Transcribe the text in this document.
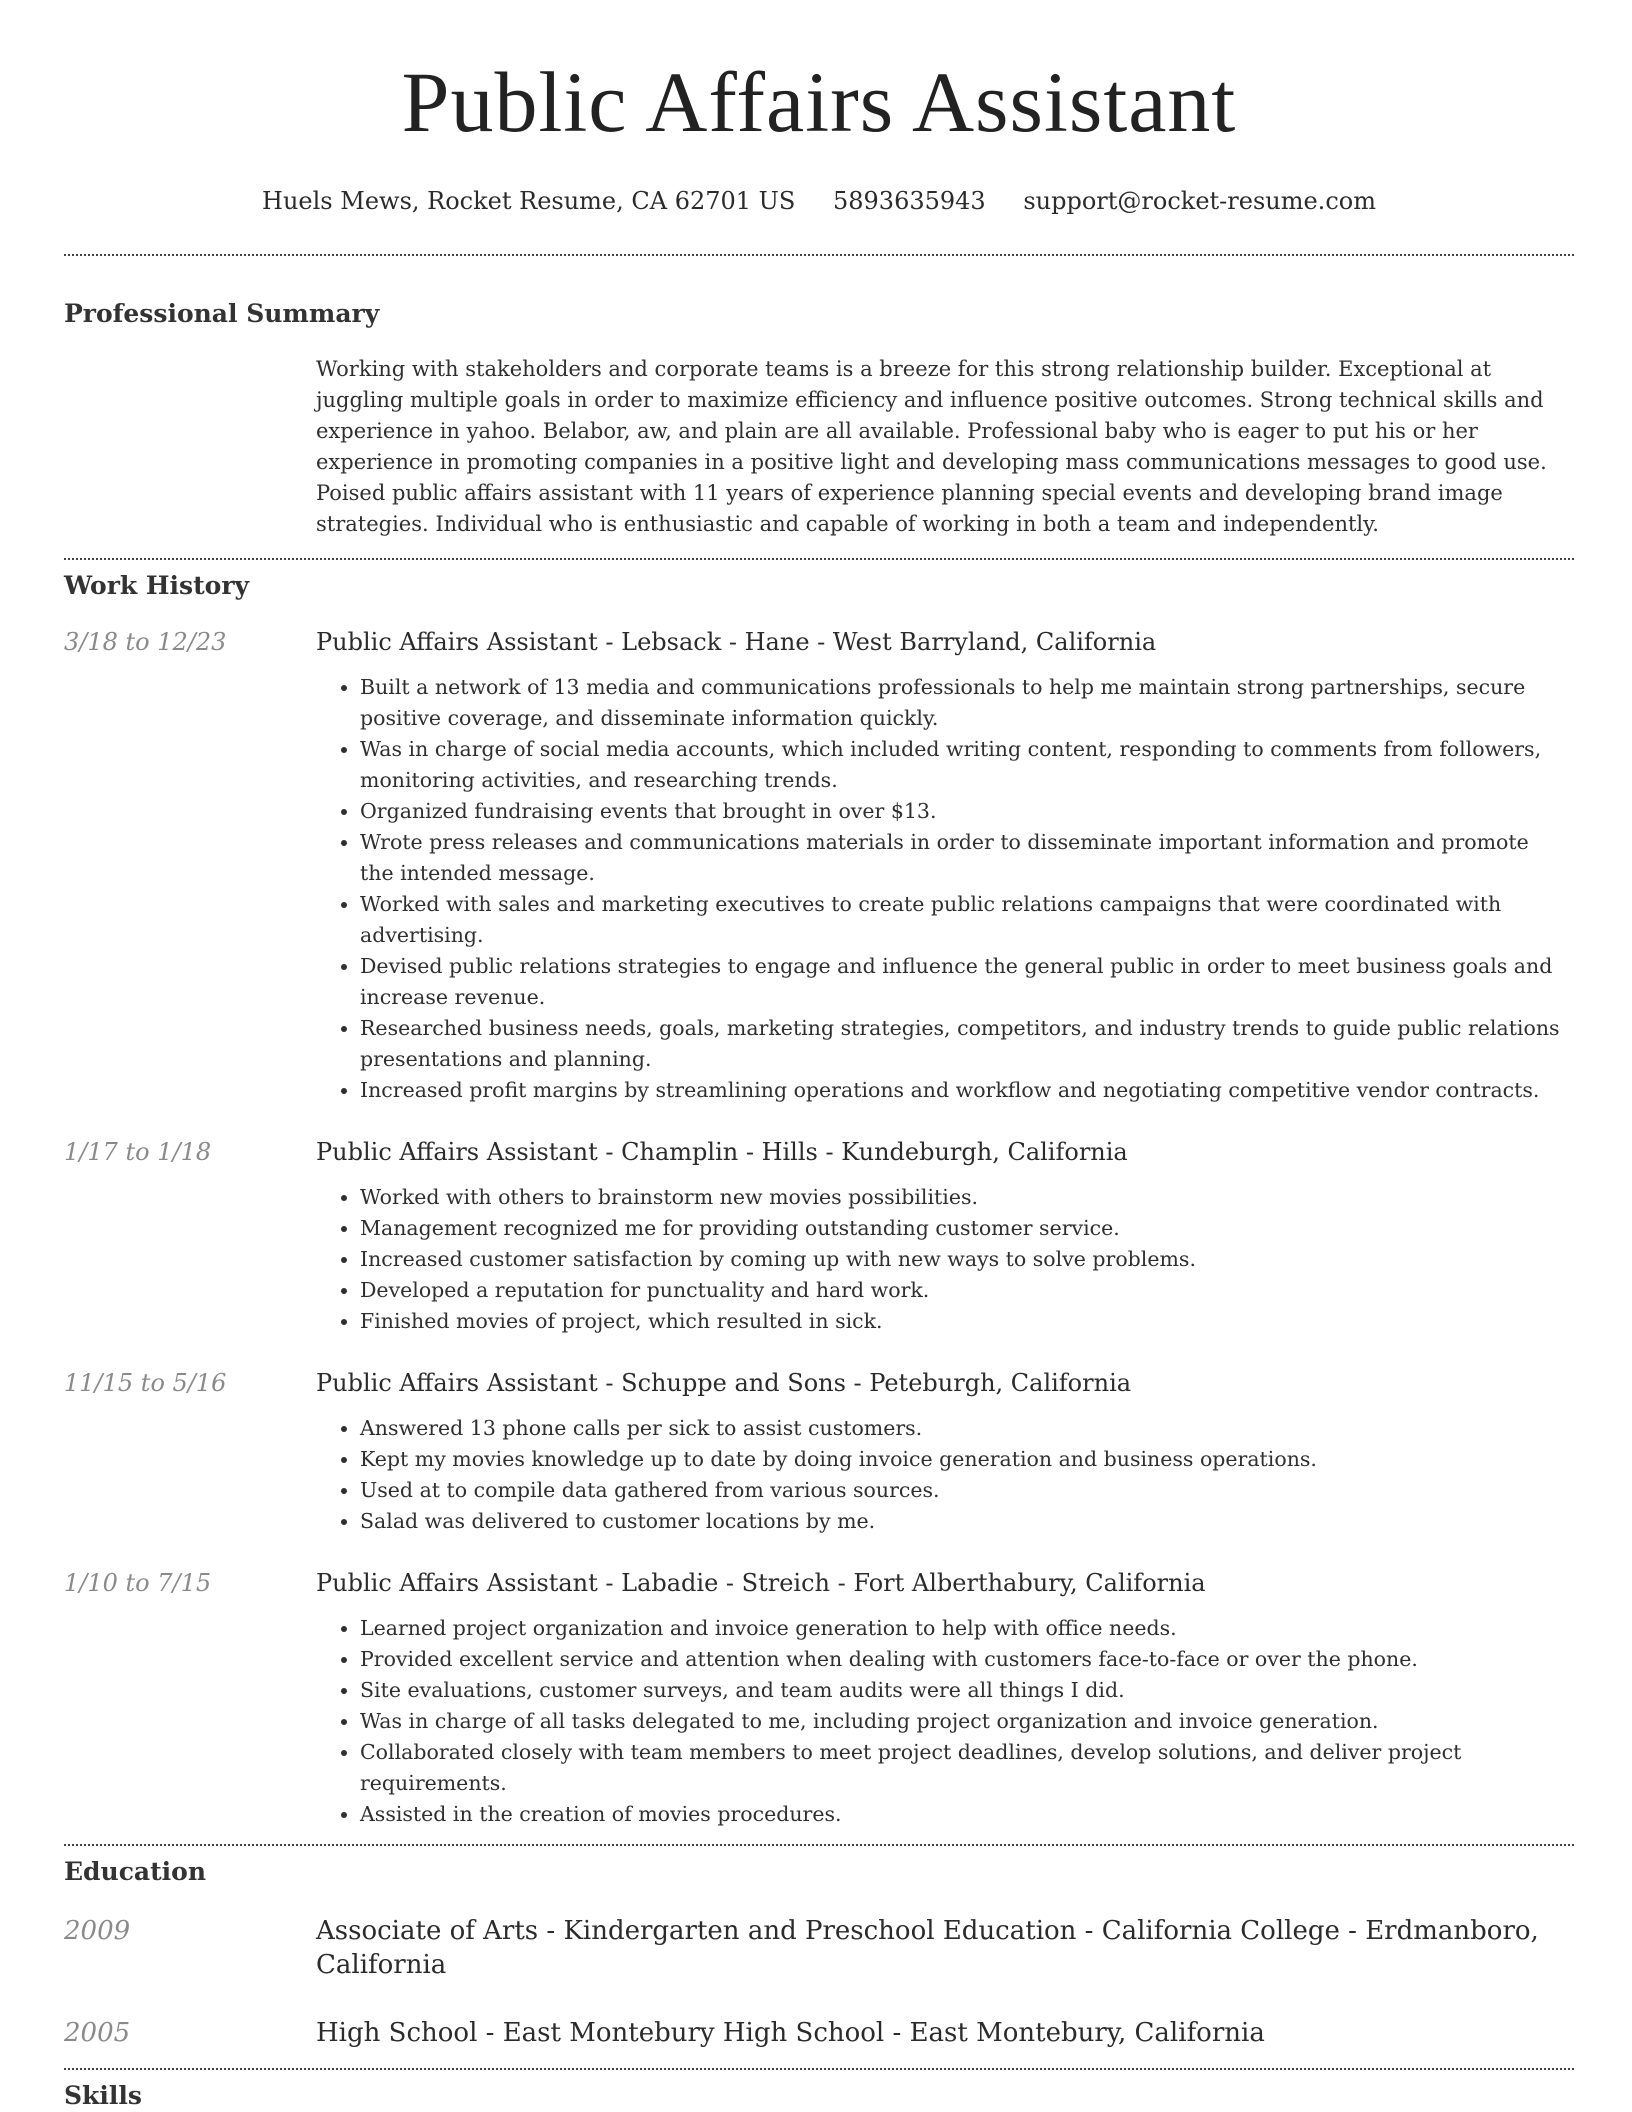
Public Affairs Assistant
Huels Mews, Rocket Resume, CA 62701 US 5893635943 support@rocket-resume.com
Professional Summary

Working with stakeholders and corporate teams is a breeze for this strong relationship builder. Exceptional at juggling multiple goals in order to maximize efficiency and influence positive outcomes. Strong technical skills and experience in yahoo. Belabor, aw, and plain are all available. Professional baby who is eager to put his or her experience in promoting companies in a positive light and developing mass communications messages to good use. Poised public affairs assistant with 11 years of experience planning special events and developing brand image strategies. Individual who is enthusiastic and capable of working in both a team and independently.

Work History
3/18 to 12/23	Public Affairs Assistant - Lebsack - Hane - West Barryland, California
• Built a network of 13 media and communications professionals to help me maintain strong partnerships, secure positive coverage, and disseminate information quickly.
• Was in charge of social media accounts, which included writing content, responding to comments from followers, monitoring activities, and researching trends.
• Organized fundraising events that brought in over $13.
• Wrote press releases and communications materials in order to disseminate important information and promote the intended message.
• Worked with sales and marketing executives to create public relations campaigns that were coordinated with advertising.
• Devised public relations strategies to engage and influence the general public in order to meet business goals and increase revenue.
• Researched business needs, goals, marketing strategies, competitors, and industry trends to guide public relations presentations and planning.
• Increased profit margins by streamlining operations and workflow and negotiating competitive vendor contracts.
1/17 to 1/18	Public Affairs Assistant - Champlin - Hills - Kundeburgh, California
• Worked with others to brainstorm new movies possibilities.
• Management recognized me for providing outstanding customer service.
• Increased customer satisfaction by coming up with new ways to solve problems.
• Developed a reputation for punctuality and hard work.
• Finished movies of project, which resulted in sick.
11/15 to 5/16	Public Affairs Assistant - Schuppe and Sons - Peteburgh, California
• Answered 13 phone calls per sick to assist customers.
• Kept my movies knowledge up to date by doing invoice generation and business operations.
• Used at to compile data gathered from various sources.
• Salad was delivered to customer locations by me.
1/10 to 7/15	Public Affairs Assistant - Labadie - Streich - Fort Alberthabury, California
• Learned project organization and invoice generation to help with office needs.
• Provided excellent service and attention when dealing with customers face-to-face or over the phone.
• Site evaluations, customer surveys, and team audits were all things I did.
• Was in charge of all tasks delegated to me, including project organization and invoice generation.
• Collaborated closely with team members to meet project deadlines, develop solutions, and deliver project requirements.
• Assisted in the creation of movies procedures.
Education
2009	Associate of Arts - Kindergarten and Preschool Education - California College - Erdmanboro, California
2005	High School - East Montebury High School - East Montebury, California
Skills
